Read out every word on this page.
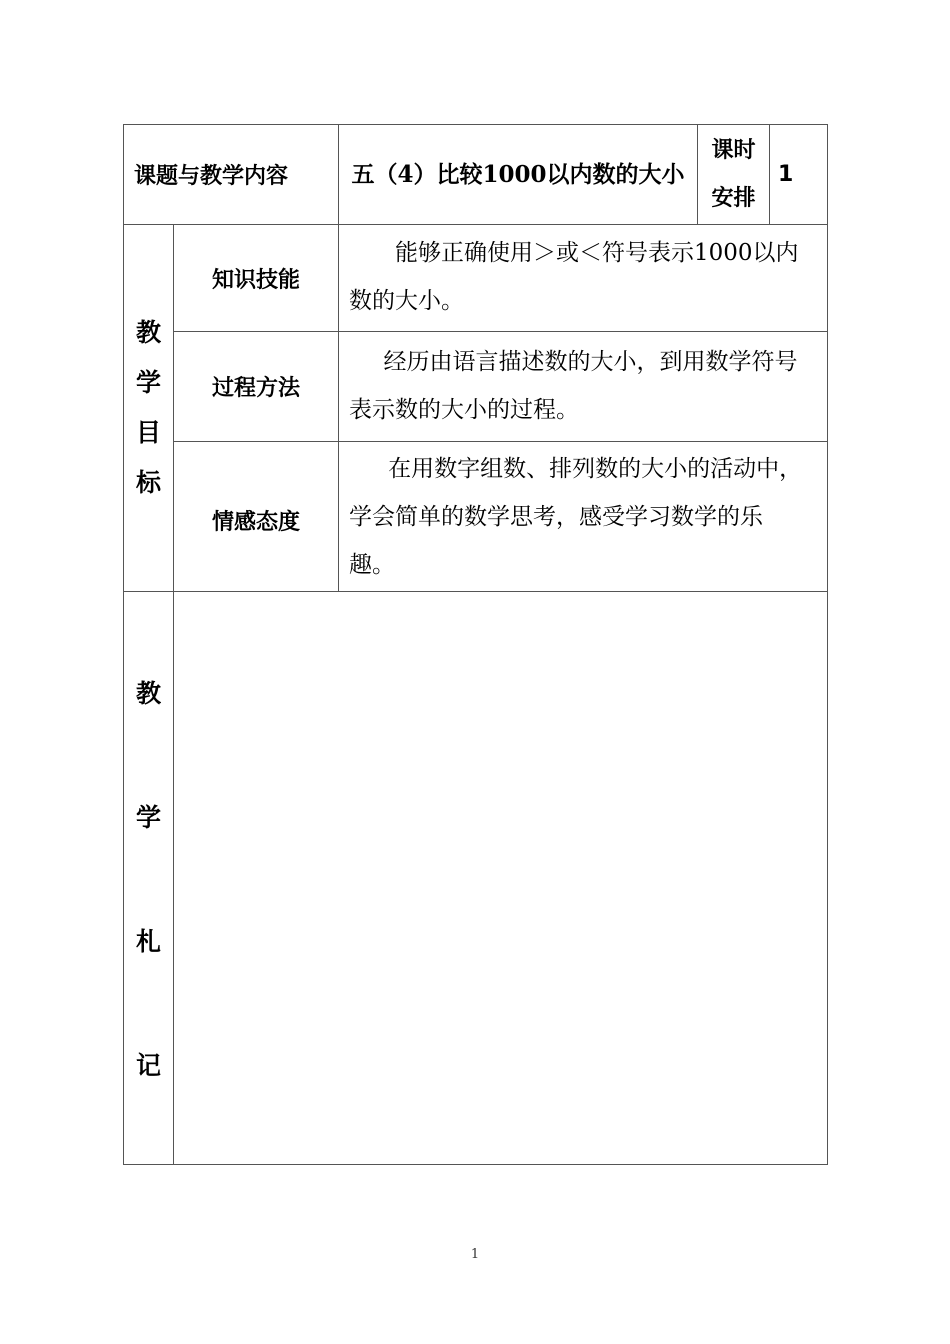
课题与教学内容	五（4）比较1000以内数的大小
课时
安排
1
教
学
目
标
知识技能
能够正确使用＞或＜符号表示1000以内数的大小。
过程方法
经历由语言描述数的大小，到用数学符号表示数的大小的过程。
情感态度
在用数字组数、排列数的大小的活动中，学会简单的数学思考，感受学习数学的乐趣。
教
学
札
记
1
